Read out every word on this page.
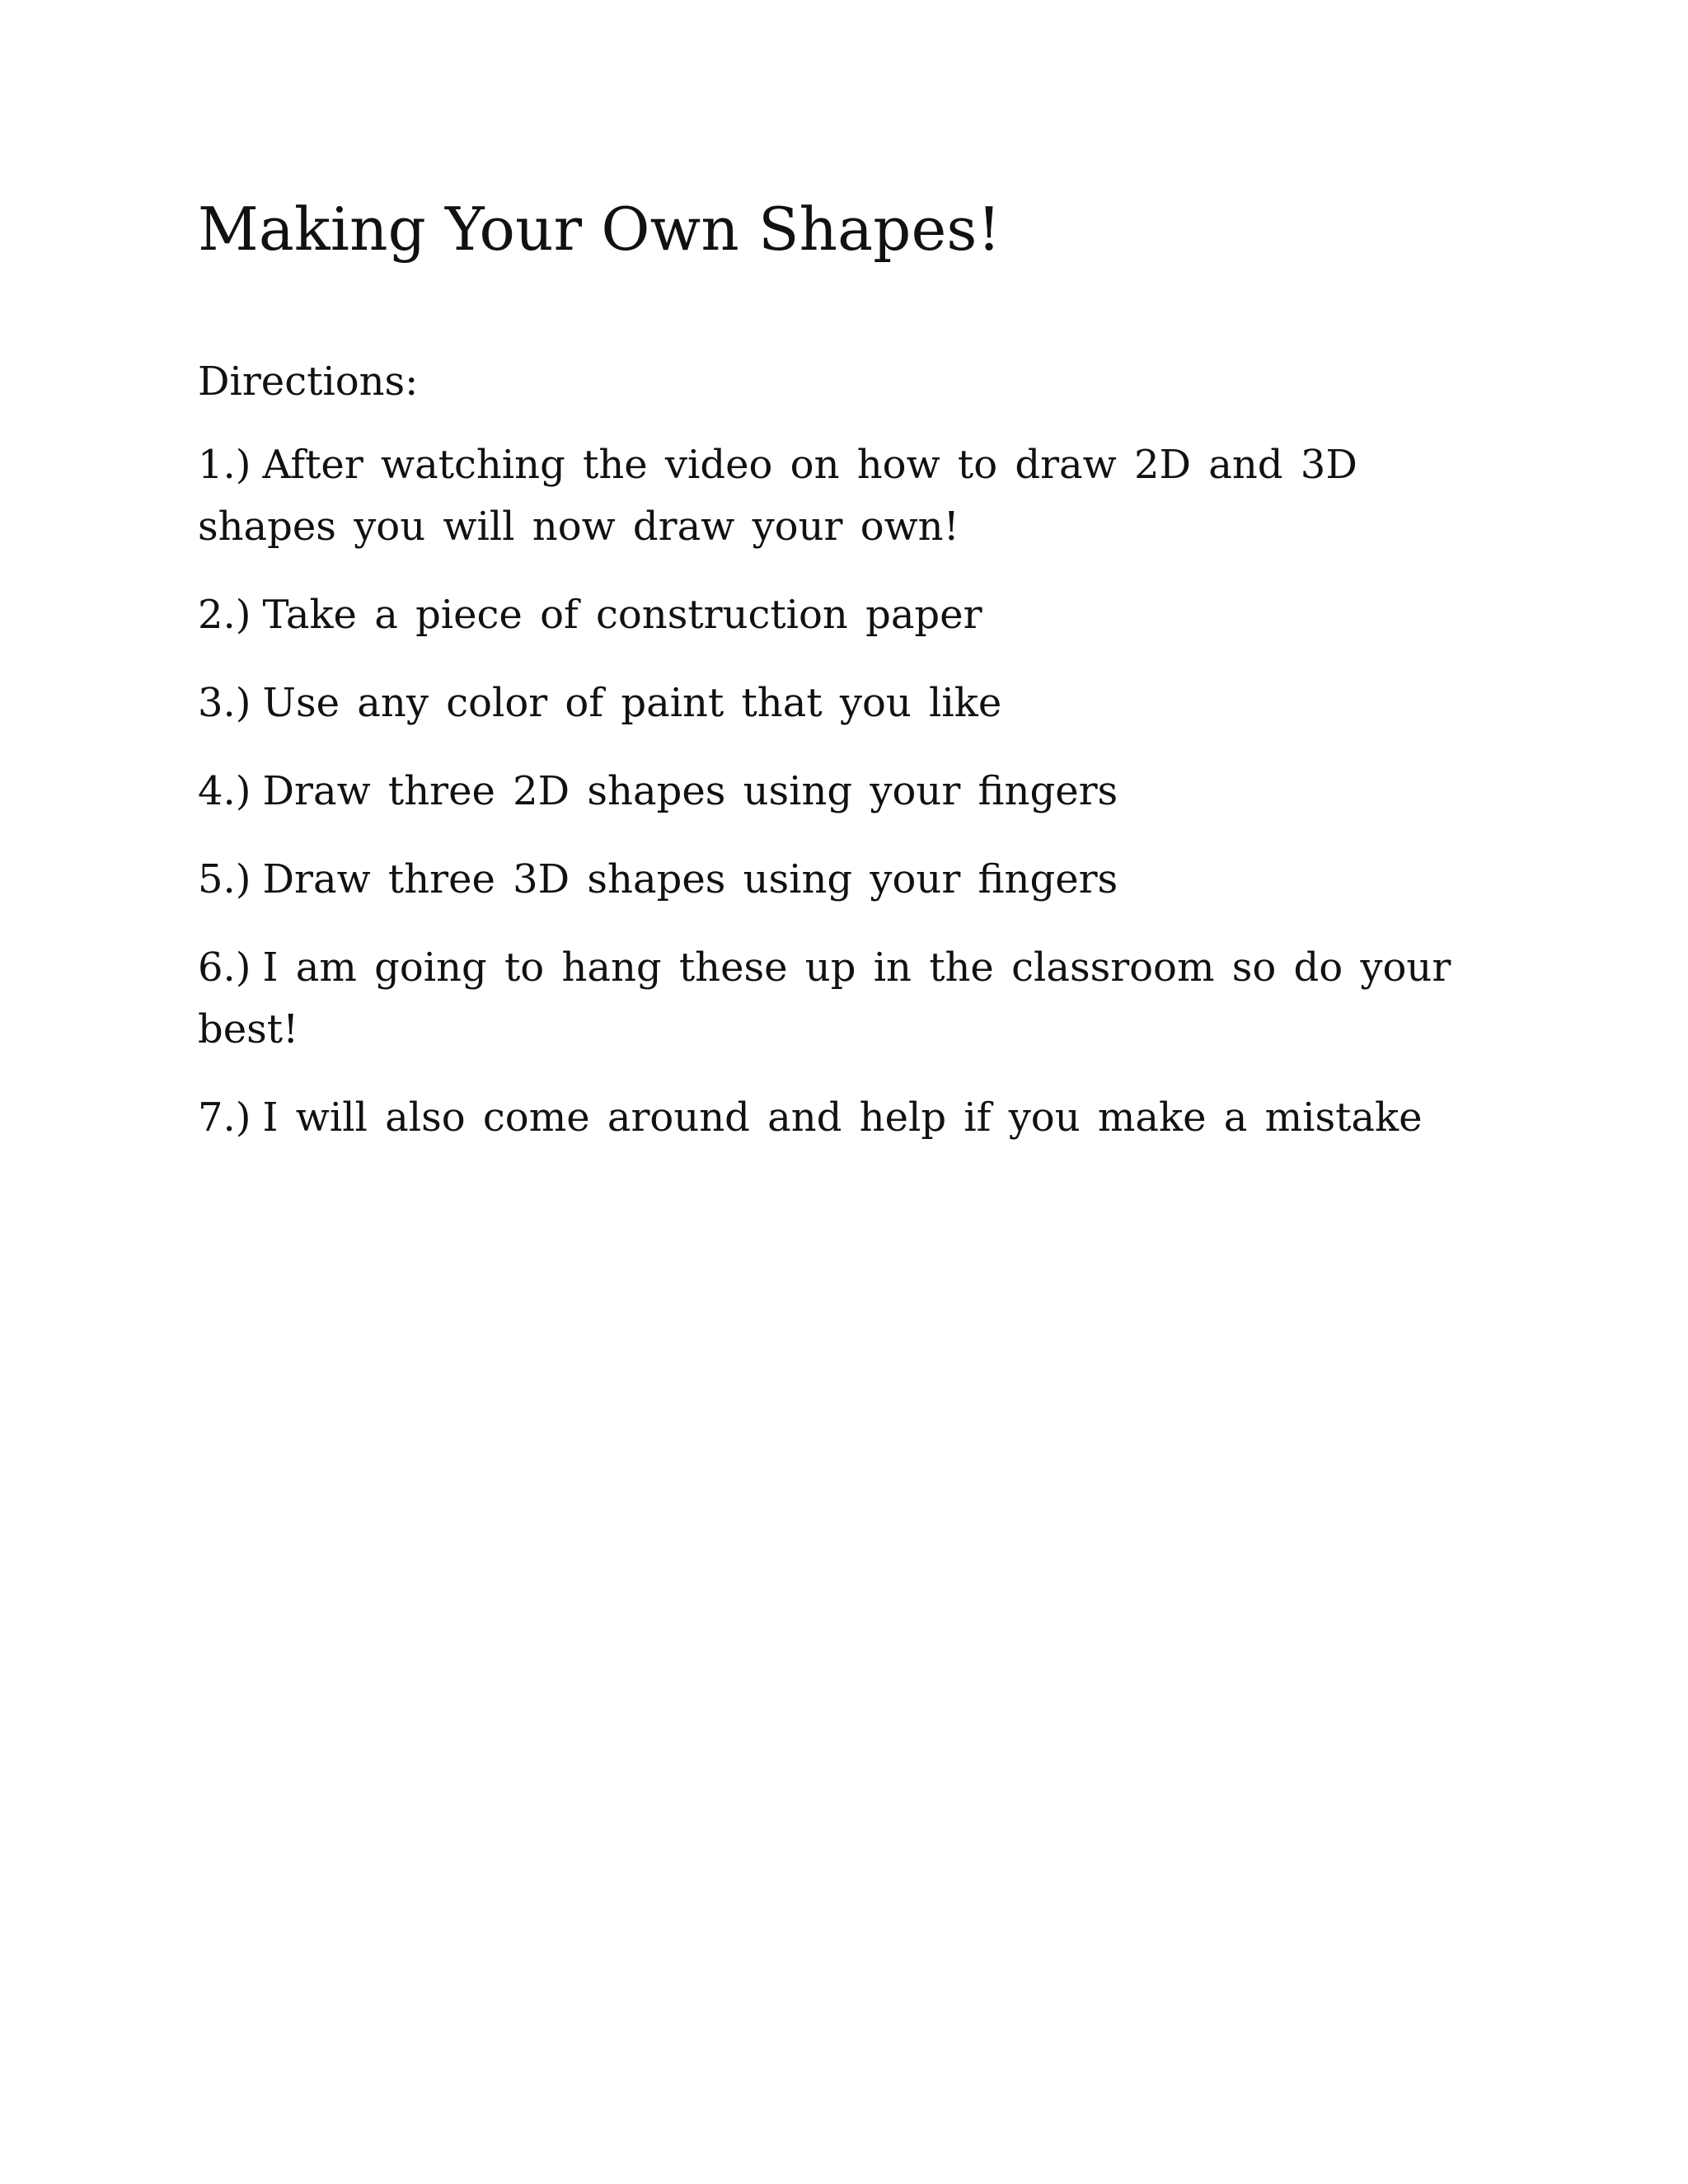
Making Your Own Shapes!

Directions:

1.) After watching the video on how to draw 2D and 3D shapes you will now draw your own!
2.) Take a piece of construction paper
3.) Use any color of paint that you like
4.) Draw three 2D shapes using your fingers
5.) Draw three 3D shapes using your fingers
6.) I am going to hang these up in the classroom so do your best!
7.) I will also come around and help if you make a mistake
